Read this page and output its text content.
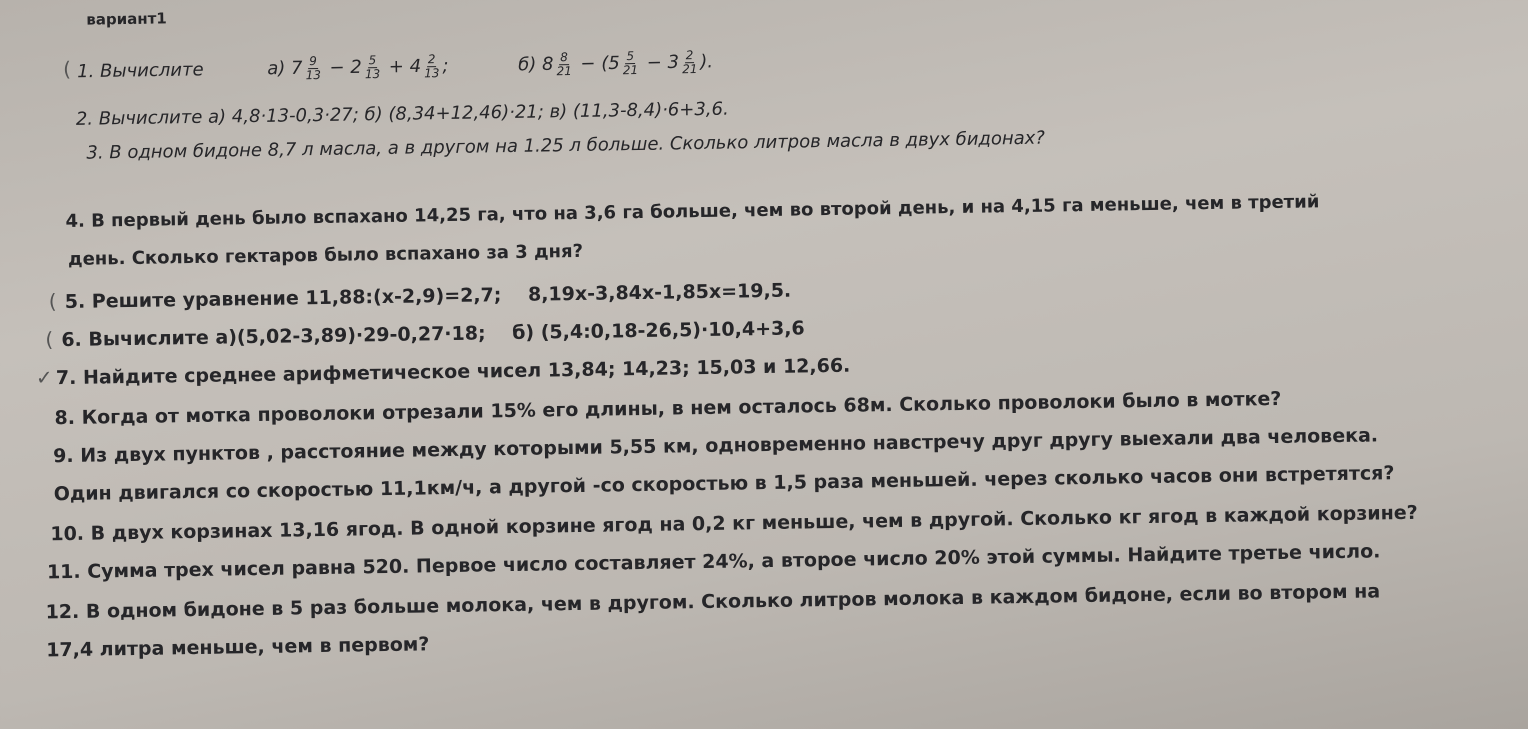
вариант1
1. Вычислите	а) $7 \frac{9}{13} - 2 \frac{5}{13} + 4 \frac{2}{13}$ ;	б) $8 \frac{8}{21} - (5 \frac{5}{21} - 3 \frac{2}{21}$ ).
2. Вычислите а) 4,8·13-0,3·27; б) (8,34+12,46)·21; в) (11,3-8,4)·6+3,6.
3. В одном бидоне 8,7 л масла, а в другом на 1.25 л больше. Сколько литров масла в двух бидонах?
4. В первый день было вспахано 14,25 га, что на 3,6 га больше, чем во второй день, и на 4,15 га меньше, чем в третий
день. Сколько гектаров было вспахано за 3 дня?
5. Решите уравнение 11,88:(х-2,9)=2,7; 8,19х-3,84х-1,85х=19,5.
6. Вычислите а)(5,02-3,89)·29-0,27·18; б) (5,4:0,18-26,5)·10,4+3,6
7. Найдите среднее арифметическое чисел 13,84; 14,23; 15,03 и 12,66.
8. Когда от мотка проволоки отрезали 15% его длины, в нем осталось 68м. Сколько проволоки было в мотке?
9. Из двух пунктов , расстояние между которыми 5,55 км, одновременно навстречу друг другу выехали два человека.
Один двигался со скоростью 11,1км/ч, а другой -со скоростью в 1,5 раза меньшей. через сколько часов они встретятся?
10. В двух корзинах 13,16 ягод. В одной корзине ягод на 0,2 кг меньше, чем в другой. Сколько кг ягод в каждой корзине?
11. Сумма трех чисел равна 520. Первое число составляет 24%, а второе число 20% этой суммы. Найдите третье число.
12. В одном бидоне в 5 раз больше молока, чем в другом. Сколько литров молока в каждом бидоне, если во втором на
17,4 литра меньше, чем в первом?
(
(
(
✓
